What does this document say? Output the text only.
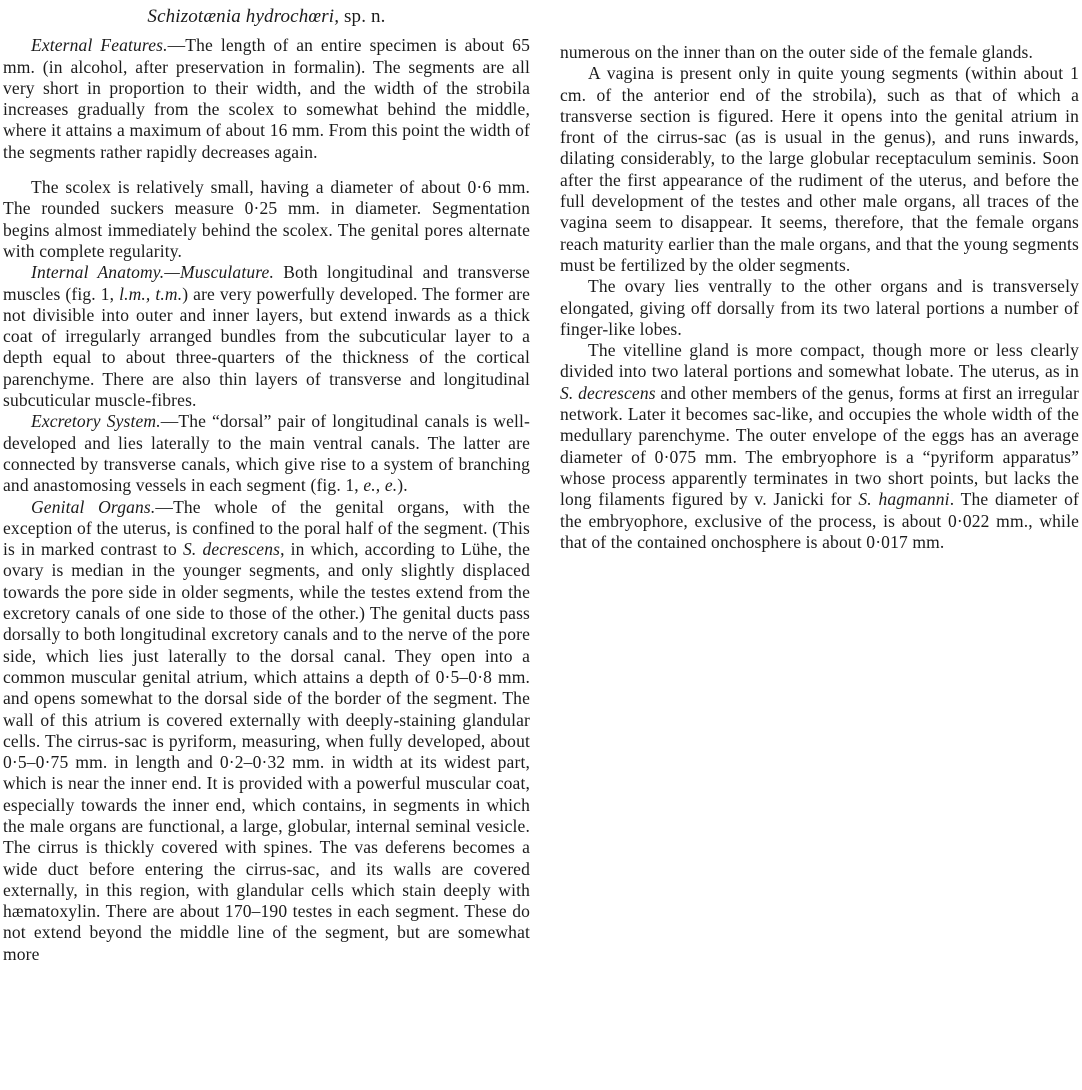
Schizotænia hydrochœri, sp. n.

External Features.—The length of an entire specimen is about 65 mm. (in alcohol, after preservation in formalin). The segments are all very short in proportion to their width, and the width of the strobila increases gradually from the scolex to somewhat behind the middle, where it attains a maximum of about 16 mm. From this point the width of the segments rather rapidly decreases again.

The scolex is relatively small, having a diameter of about 0·6 mm. The rounded suckers measure 0·25 mm. in diameter. Segmentation begins almost immediately behind the scolex. The genital pores alternate with complete regularity.

Internal Anatomy.—Musculature. Both longitudinal and transverse muscles (fig. 1, l.m., t.m.) are very powerfully developed. The former are not divisible into outer and inner layers, but extend inwards as a thick coat of irregularly arranged bundles from the subcuticular layer to a depth equal to about three-quarters of the thickness of the cortical parenchyme. There are also thin layers of transverse and longitudinal subcuticular muscle-fibres.

Excretory System.—The “dorsal” pair of longitudinal canals is well-developed and lies laterally to the main ventral canals. The latter are connected by transverse canals, which give rise to a system of branching and anastomosing vessels in each segment (fig. 1, e., e.).

Genital Organs.—The whole of the genital organs, with the exception of the uterus, is confined to the poral half of the segment. (This is in marked contrast to S. decrescens, in which, according to Lühe, the ovary is median in the younger segments, and only slightly displaced towards the pore side in older segments, while the testes extend from the excretory canals of one side to those of the other.) The genital ducts pass dorsally to both longitudinal excretory canals and to the nerve of the pore side, which lies just laterally to the dorsal canal. They open into a common muscular genital atrium, which attains a depth of 0·5–0·8 mm. and opens somewhat to the dorsal side of the border of the segment. The wall of this atrium is covered externally with deeply-staining glandular cells. The cirrus-sac is pyriform, measuring, when fully developed, about 0·5–0·75 mm. in length and 0·2–0·32 mm. in width at its widest part, which is near the inner end. It is provided with a powerful muscular coat, especially towards the inner end, which contains, in segments in which the male organs are functional, a large, globular, internal seminal vesicle. The cirrus is thickly covered with spines. The vas deferens becomes a wide duct before entering the cirrus-sac, and its walls are covered externally, in this region, with glandular cells which stain deeply with hæmatoxylin. There are about 170–190 testes in each segment. These do not extend beyond the middle line of the segment, but are somewhat more

numerous on the inner than on the outer side of the female glands.

A vagina is present only in quite young segments (within about 1 cm. of the anterior end of the strobila), such as that of which a transverse section is figured. Here it opens into the genital atrium in front of the cirrus-sac (as is usual in the genus), and runs inwards, dilating considerably, to the large globular receptaculum seminis. Soon after the first appearance of the rudiment of the uterus, and before the full development of the testes and other male organs, all traces of the vagina seem to disappear. It seems, therefore, that the female organs reach maturity earlier than the male organs, and that the young segments must be fertilized by the older segments.

The ovary lies ventrally to the other organs and is transversely elongated, giving off dorsally from its two lateral portions a number of finger-like lobes.

The vitelline gland is more compact, though more or less clearly divided into two lateral portions and somewhat lobate. The uterus, as in S. decrescens and other members of the genus, forms at first an irregular network. Later it becomes sac-like, and occupies the whole width of the medullary parenchyme. The outer envelope of the eggs has an average diameter of 0·075 mm. The embryophore is a “pyriform apparatus” whose process apparently terminates in two short points, but lacks the long filaments figured by v. Janicki for S. hagmanni. The diameter of the embryophore, exclusive of the process, is about 0·022 mm., while that of the contained onchosphere is about 0·017 mm.
